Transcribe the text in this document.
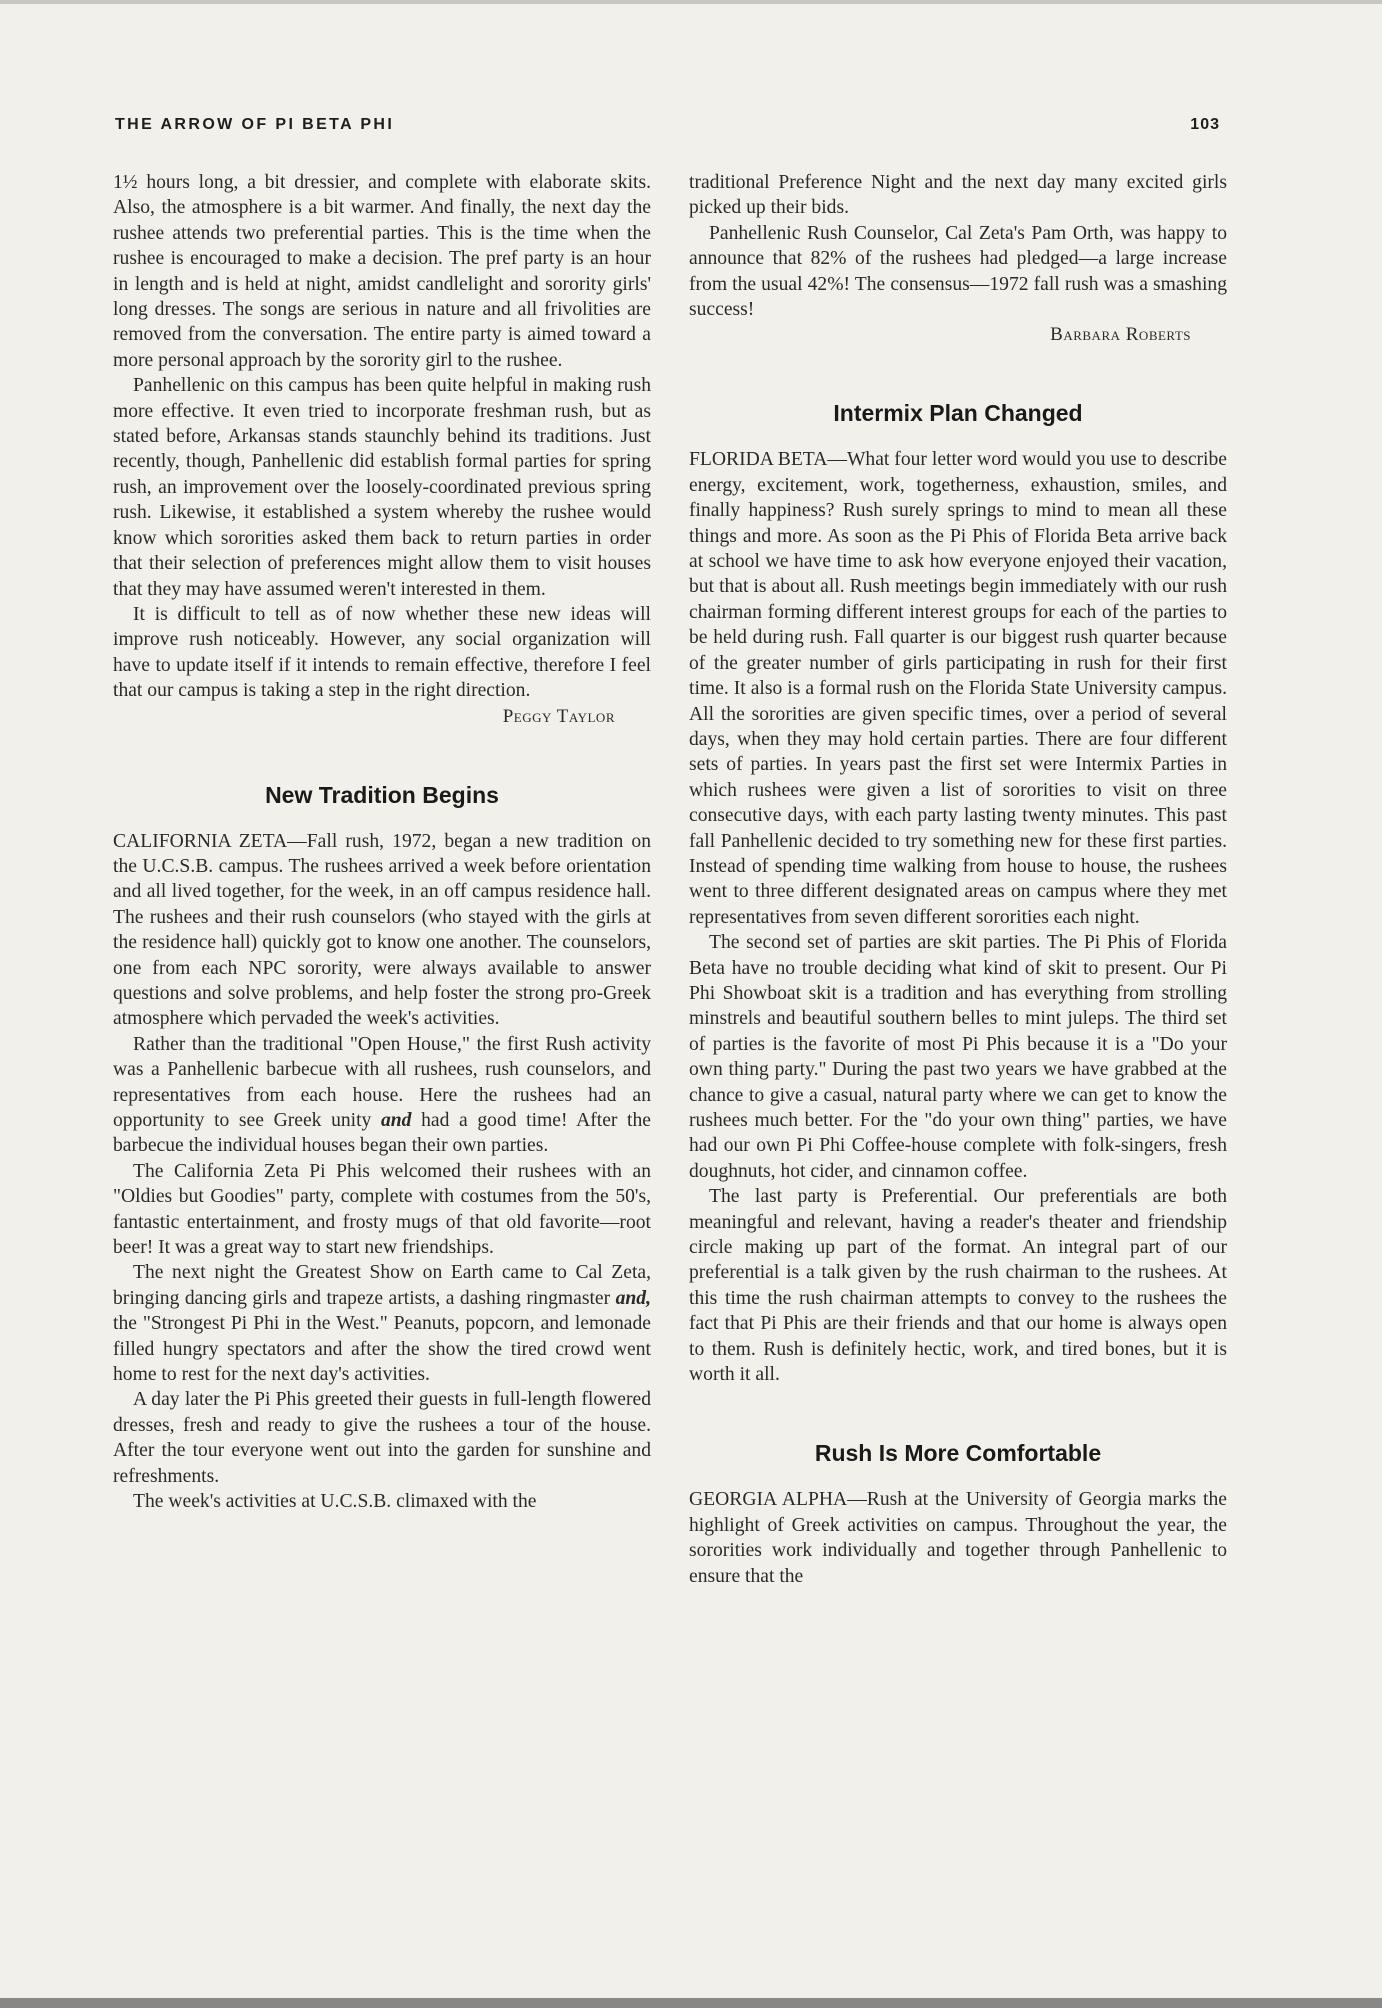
THE ARROW OF PI BETA PHI	103

1½ hours long, a bit dressier, and complete with elaborate skits. Also, the atmosphere is a bit warmer. And finally, the next day the rushee attends two preferential parties. This is the time when the rushee is encouraged to make a decision. The pref party is an hour in length and is held at night, amidst candlelight and sorority girls' long dresses. The songs are serious in nature and all frivolities are removed from the conversation. The entire party is aimed toward a more personal approach by the sorority girl to the rushee.

Panhellenic on this campus has been quite helpful in making rush more effective. It even tried to incorporate freshman rush, but as stated before, Arkansas stands staunchly behind its traditions. Just recently, though, Panhellenic did establish formal parties for spring rush, an improvement over the loosely-coordinated previous spring rush. Likewise, it established a system whereby the rushee would know which sororities asked them back to return parties in order that their selection of preferences might allow them to visit houses that they may have assumed weren't interested in them.

It is difficult to tell as of now whether these new ideas will improve rush noticeably. However, any social organization will have to update itself if it intends to remain effective, therefore I feel that our campus is taking a step in the right direction.

Peggy Taylor
New Tradition Begins

CALIFORNIA ZETA—Fall rush, 1972, began a new tradition on the U.C.S.B. campus. The rushees arrived a week before orientation and all lived together, for the week, in an off campus residence hall. The rushees and their rush counselors (who stayed with the girls at the residence hall) quickly got to know one another. The counselors, one from each NPC sorority, were always available to answer questions and solve problems, and help foster the strong pro-Greek atmosphere which pervaded the week's activities.

Rather than the traditional "Open House," the first Rush activity was a Panhellenic barbecue with all rushees, rush counselors, and representatives from each house. Here the rushees had an opportunity to see Greek unity and had a good time! After the barbecue the individual houses began their own parties.

The California Zeta Pi Phis welcomed their rushees with an "Oldies but Goodies" party, complete with costumes from the 50's, fantastic entertainment, and frosty mugs of that old favorite—root beer! It was a great way to start new friendships.

The next night the Greatest Show on Earth came to Cal Zeta, bringing dancing girls and trapeze artists, a dashing ringmaster and, the "Strongest Pi Phi in the West." Peanuts, popcorn, and lemonade filled hungry spectators and after the show the tired crowd went home to rest for the next day's activities.

A day later the Pi Phis greeted their guests in full-length flowered dresses, fresh and ready to give the rushees a tour of the house. After the tour everyone went out into the garden for sunshine and refreshments.

The week's activities at U.C.S.B. climaxed with the

traditional Preference Night and the next day many excited girls picked up their bids.

Panhellenic Rush Counselor, Cal Zeta's Pam Orth, was happy to announce that 82% of the rushees had pledged—a large increase from the usual 42%! The consensus—1972 fall rush was a smashing success!

Barbara Roberts
Intermix Plan Changed

FLORIDA BETA—What four letter word would you use to describe energy, excitement, work, togetherness, exhaustion, smiles, and finally happiness? Rush surely springs to mind to mean all these things and more. As soon as the Pi Phis of Florida Beta arrive back at school we have time to ask how everyone enjoyed their vacation, but that is about all. Rush meetings begin immediately with our rush chairman forming different interest groups for each of the parties to be held during rush. Fall quarter is our biggest rush quarter because of the greater number of girls participating in rush for their first time. It also is a formal rush on the Florida State University campus. All the sororities are given specific times, over a period of several days, when they may hold certain parties. There are four different sets of parties. In years past the first set were Intermix Parties in which rushees were given a list of sororities to visit on three consecutive days, with each party lasting twenty minutes. This past fall Panhellenic decided to try something new for these first parties. Instead of spending time walking from house to house, the rushees went to three different designated areas on campus where they met representatives from seven different sororities each night.

The second set of parties are skit parties. The Pi Phis of Florida Beta have no trouble deciding what kind of skit to present. Our Pi Phi Showboat skit is a tradition and has everything from strolling minstrels and beautiful southern belles to mint juleps. The third set of parties is the favorite of most Pi Phis because it is a "Do your own thing party." During the past two years we have grabbed at the chance to give a casual, natural party where we can get to know the rushees much better. For the "do your own thing" parties, we have had our own Pi Phi Coffee-house complete with folk-singers, fresh doughnuts, hot cider, and cinnamon coffee.

The last party is Preferential. Our preferentials are both meaningful and relevant, having a reader's theater and friendship circle making up part of the format. An integral part of our preferential is a talk given by the rush chairman to the rushees. At this time the rush chairman attempts to convey to the rushees the fact that Pi Phis are their friends and that our home is always open to them. Rush is definitely hectic, work, and tired bones, but it is worth it all.

Rush Is More Comfortable

GEORGIA ALPHA—Rush at the University of Georgia marks the highlight of Greek activities on campus. Throughout the year, the sororities work individually and together through Panhellenic to ensure that the
